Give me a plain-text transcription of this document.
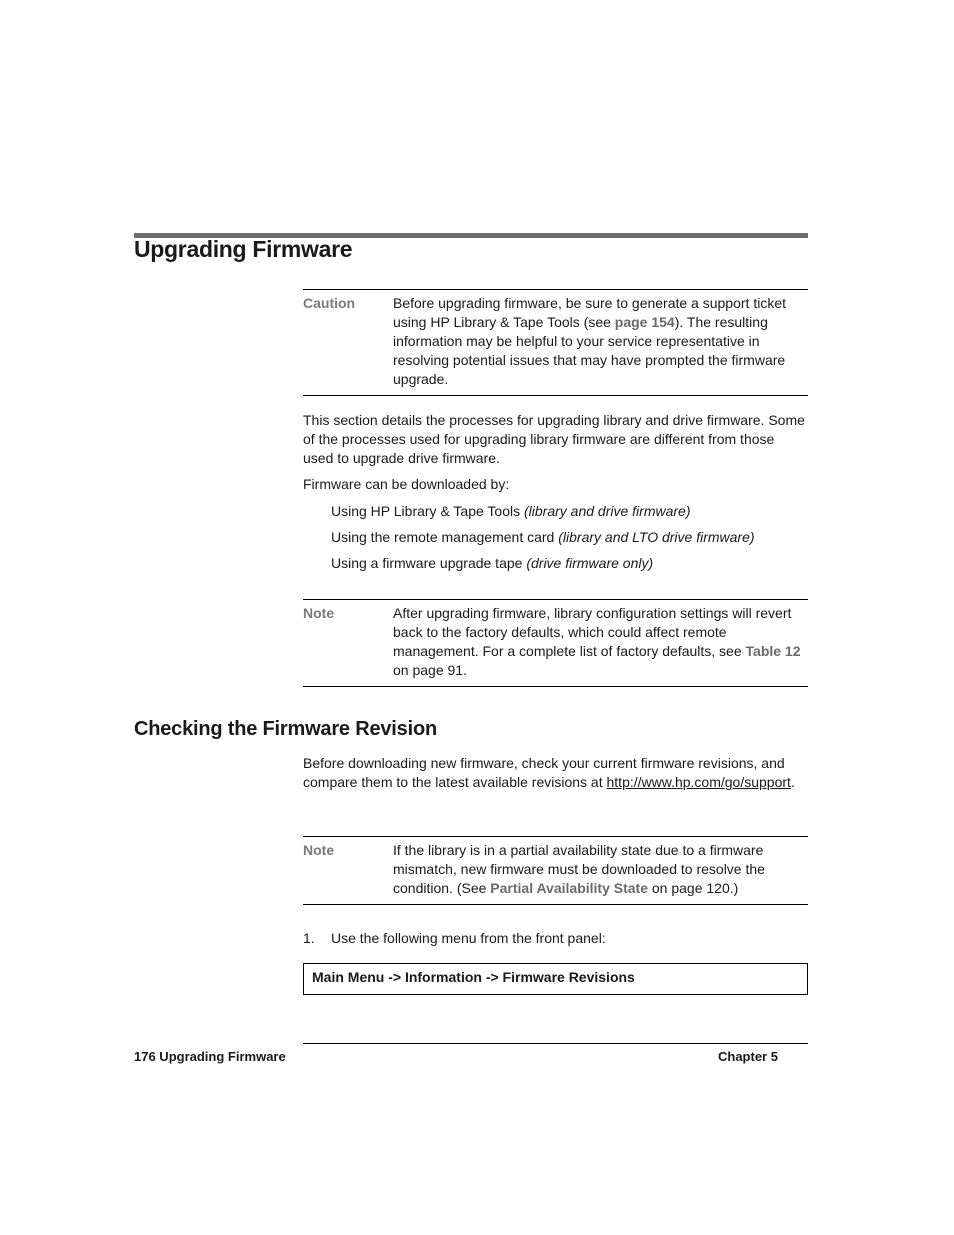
Upgrading Firmware
Caution	Before upgrading firmware, be sure to generate a support ticket using HP Library & Tape Tools (see page 154). The resulting information may be helpful to your service representative in resolving potential issues that may have prompted the firmware upgrade.
This section details the processes for upgrading library and drive firmware. Some of the processes used for upgrading library firmware are different from those used to upgrade drive firmware.
Firmware can be downloaded by:
Using HP Library & Tape Tools (library and drive firmware)
Using the remote management card (library and LTO drive firmware)
Using a firmware upgrade tape (drive firmware only)
Note	After upgrading firmware, library configuration settings will revert back to the factory defaults, which could affect remote management. For a complete list of factory defaults, see Table 12 on page 91.
Checking the Firmware Revision
Before downloading new firmware, check your current firmware revisions, and compare them to the latest available revisions at http://www.hp.com/go/support.
Note	If the library is in a partial availability state due to a firmware mismatch, new firmware must be downloaded to resolve the condition. (See Partial Availability State on page 120.)
1. Use the following menu from the front panel:
Main Menu -> Information -> Firmware Revisions
176 Upgrading Firmware	Chapter 5
